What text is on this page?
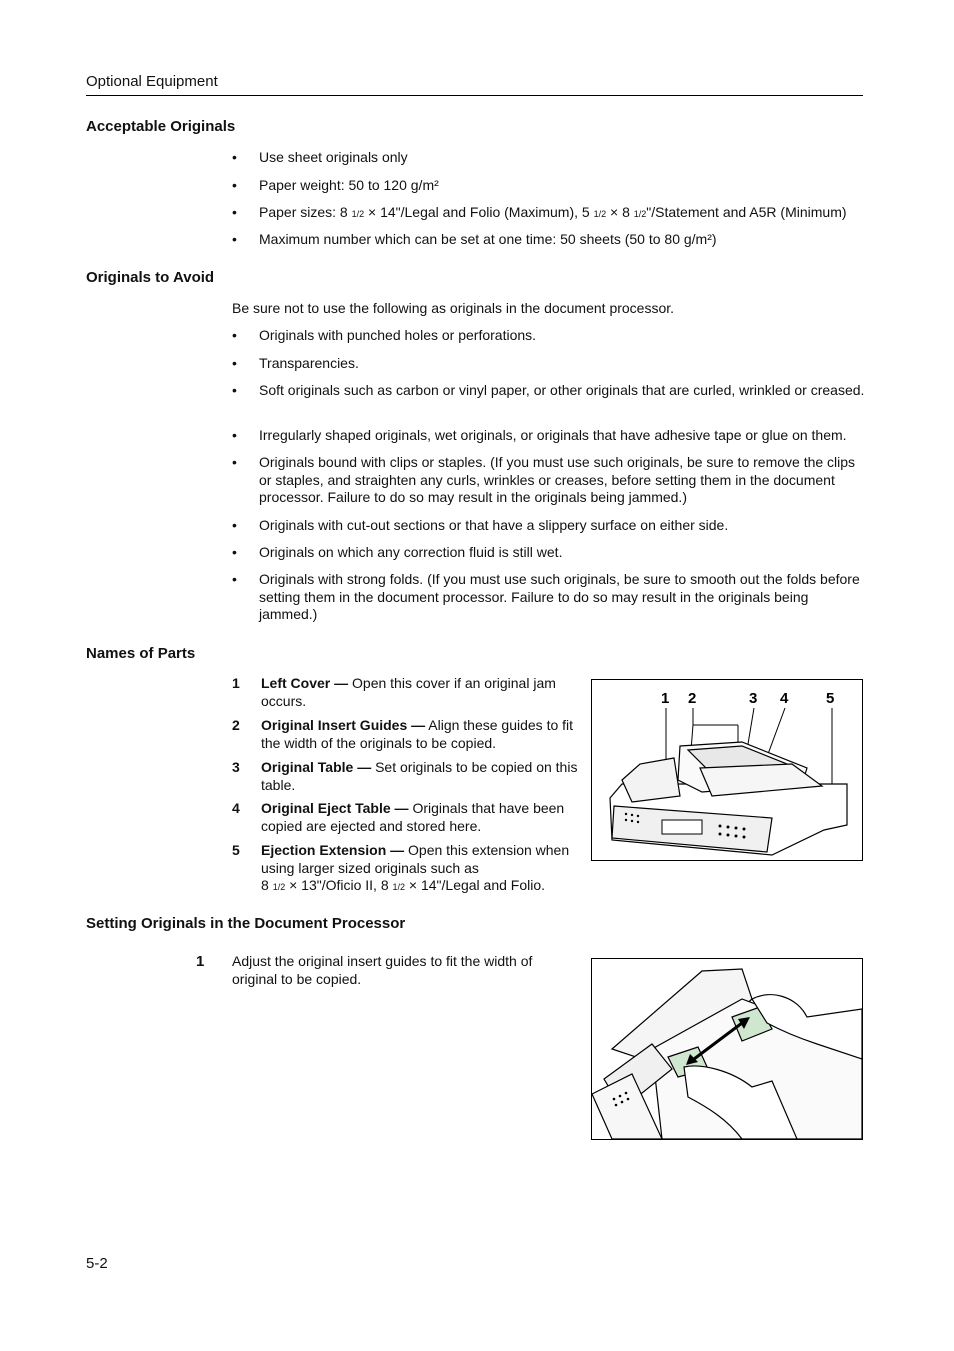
Optional Equipment
Acceptable Originals
• Use sheet originals only
• Paper weight: 50 to 120 g/m²
• Paper sizes: 8 1/2 × 14"/Legal and Folio (Maximum), 5 1/2 × 8 1/2"/Statement and A5R (Minimum)
• Maximum number which can be set at one time: 50 sheets (50 to 80 g/m²)
Originals to Avoid
Be sure not to use the following as originals in the document processor.
• Originals with punched holes or perforations.
• Transparencies.
• Soft originals such as carbon or vinyl paper, or other originals that are curled, wrinkled or creased.
• Irregularly shaped originals, wet originals, or originals that have adhesive tape or glue on them.
• Originals bound with clips or staples. (If you must use such originals, be sure to remove the clips or staples, and straighten any curls, wrinkles or creases, before setting them in the document processor. Failure to do so may result in the originals being jammed.)
• Originals with cut-out sections or that have a slippery surface on either side.
• Originals on which any correction fluid is still wet.
• Originals with strong folds. (If you must use such originals, be sure to smooth out the folds before setting them in the document processor. Failure to do so may result in the originals being jammed.)
Names of Parts
1 Left Cover — Open this cover if an original jam occurs.
2 Original Insert Guides — Align these guides to fit the width of the originals to be copied.
3 Original Table — Set originals to be copied on this table.
4 Original Eject Table — Originals that have been copied are ejected and stored here.
5 Ejection Extension — Open this extension when using larger sized originals such as
8 1/2 × 13"/Oficio II, 8 1/2 × 14"/Legal and Folio.
1 2	3 4	5
Setting Originals in the Document Processor
1 Adjust the original insert guides to fit the width of original to be copied.
5-2
